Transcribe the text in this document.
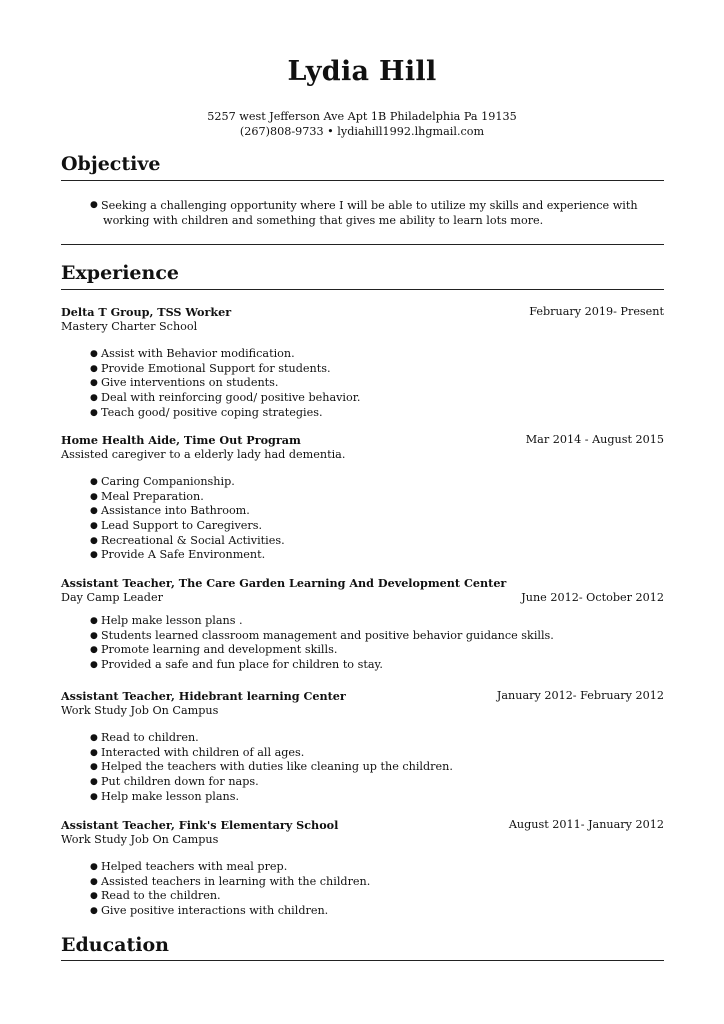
Lydia Hill
5257 west Jefferson Ave Apt 1B Philadelphia Pa 19135
(267)808-9733 • lydiahill1992.lhgmail.com
Objective
● Seeking a challenging opportunity where I will be able to utilize my skills and experience with
working with children and something that gives me ability to learn lots more.
Experience
Delta T Group, TSS Worker	February 2019- Present
Mastery Charter School
● Assist with Behavior modification.
● Provide Emotional Support for students.
● Give interventions on students.
● Deal with reinforcing good/ positive behavior.
● Teach good/ positive coping strategies.
Home Health Aide, Time Out Program	Mar 2014 - August 2015
Assisted caregiver to a elderly lady had dementia.
● Caring Companionship.
● Meal Preparation.
● Assistance into Bathroom.
● Lead Support to Caregivers.
● Recreational & Social Activities.
● Provide A Safe Environment.
Assistant Teacher, The Care Garden Learning And Development Center
Day Camp Leader	June 2012- October 2012
● Help make lesson plans .
● Students learned classroom management and positive behavior guidance skills.
● Promote learning and development skills.
● Provided a safe and fun place for children to stay.
Assistant Teacher, Hidebrant learning Center	January 2012- February 2012
Work Study Job On Campus
● Read to children.
● Interacted with children of all ages.
● Helped the teachers with duties like cleaning up the children.
● Put children down for naps.
● Help make lesson plans.
Assistant Teacher, Fink's Elementary School	August 2011- January 2012
Work Study Job On Campus
● Helped teachers with meal prep.
● Assisted teachers in learning with the children.
● Read to the children.
● Give positive interactions with children.
Education
